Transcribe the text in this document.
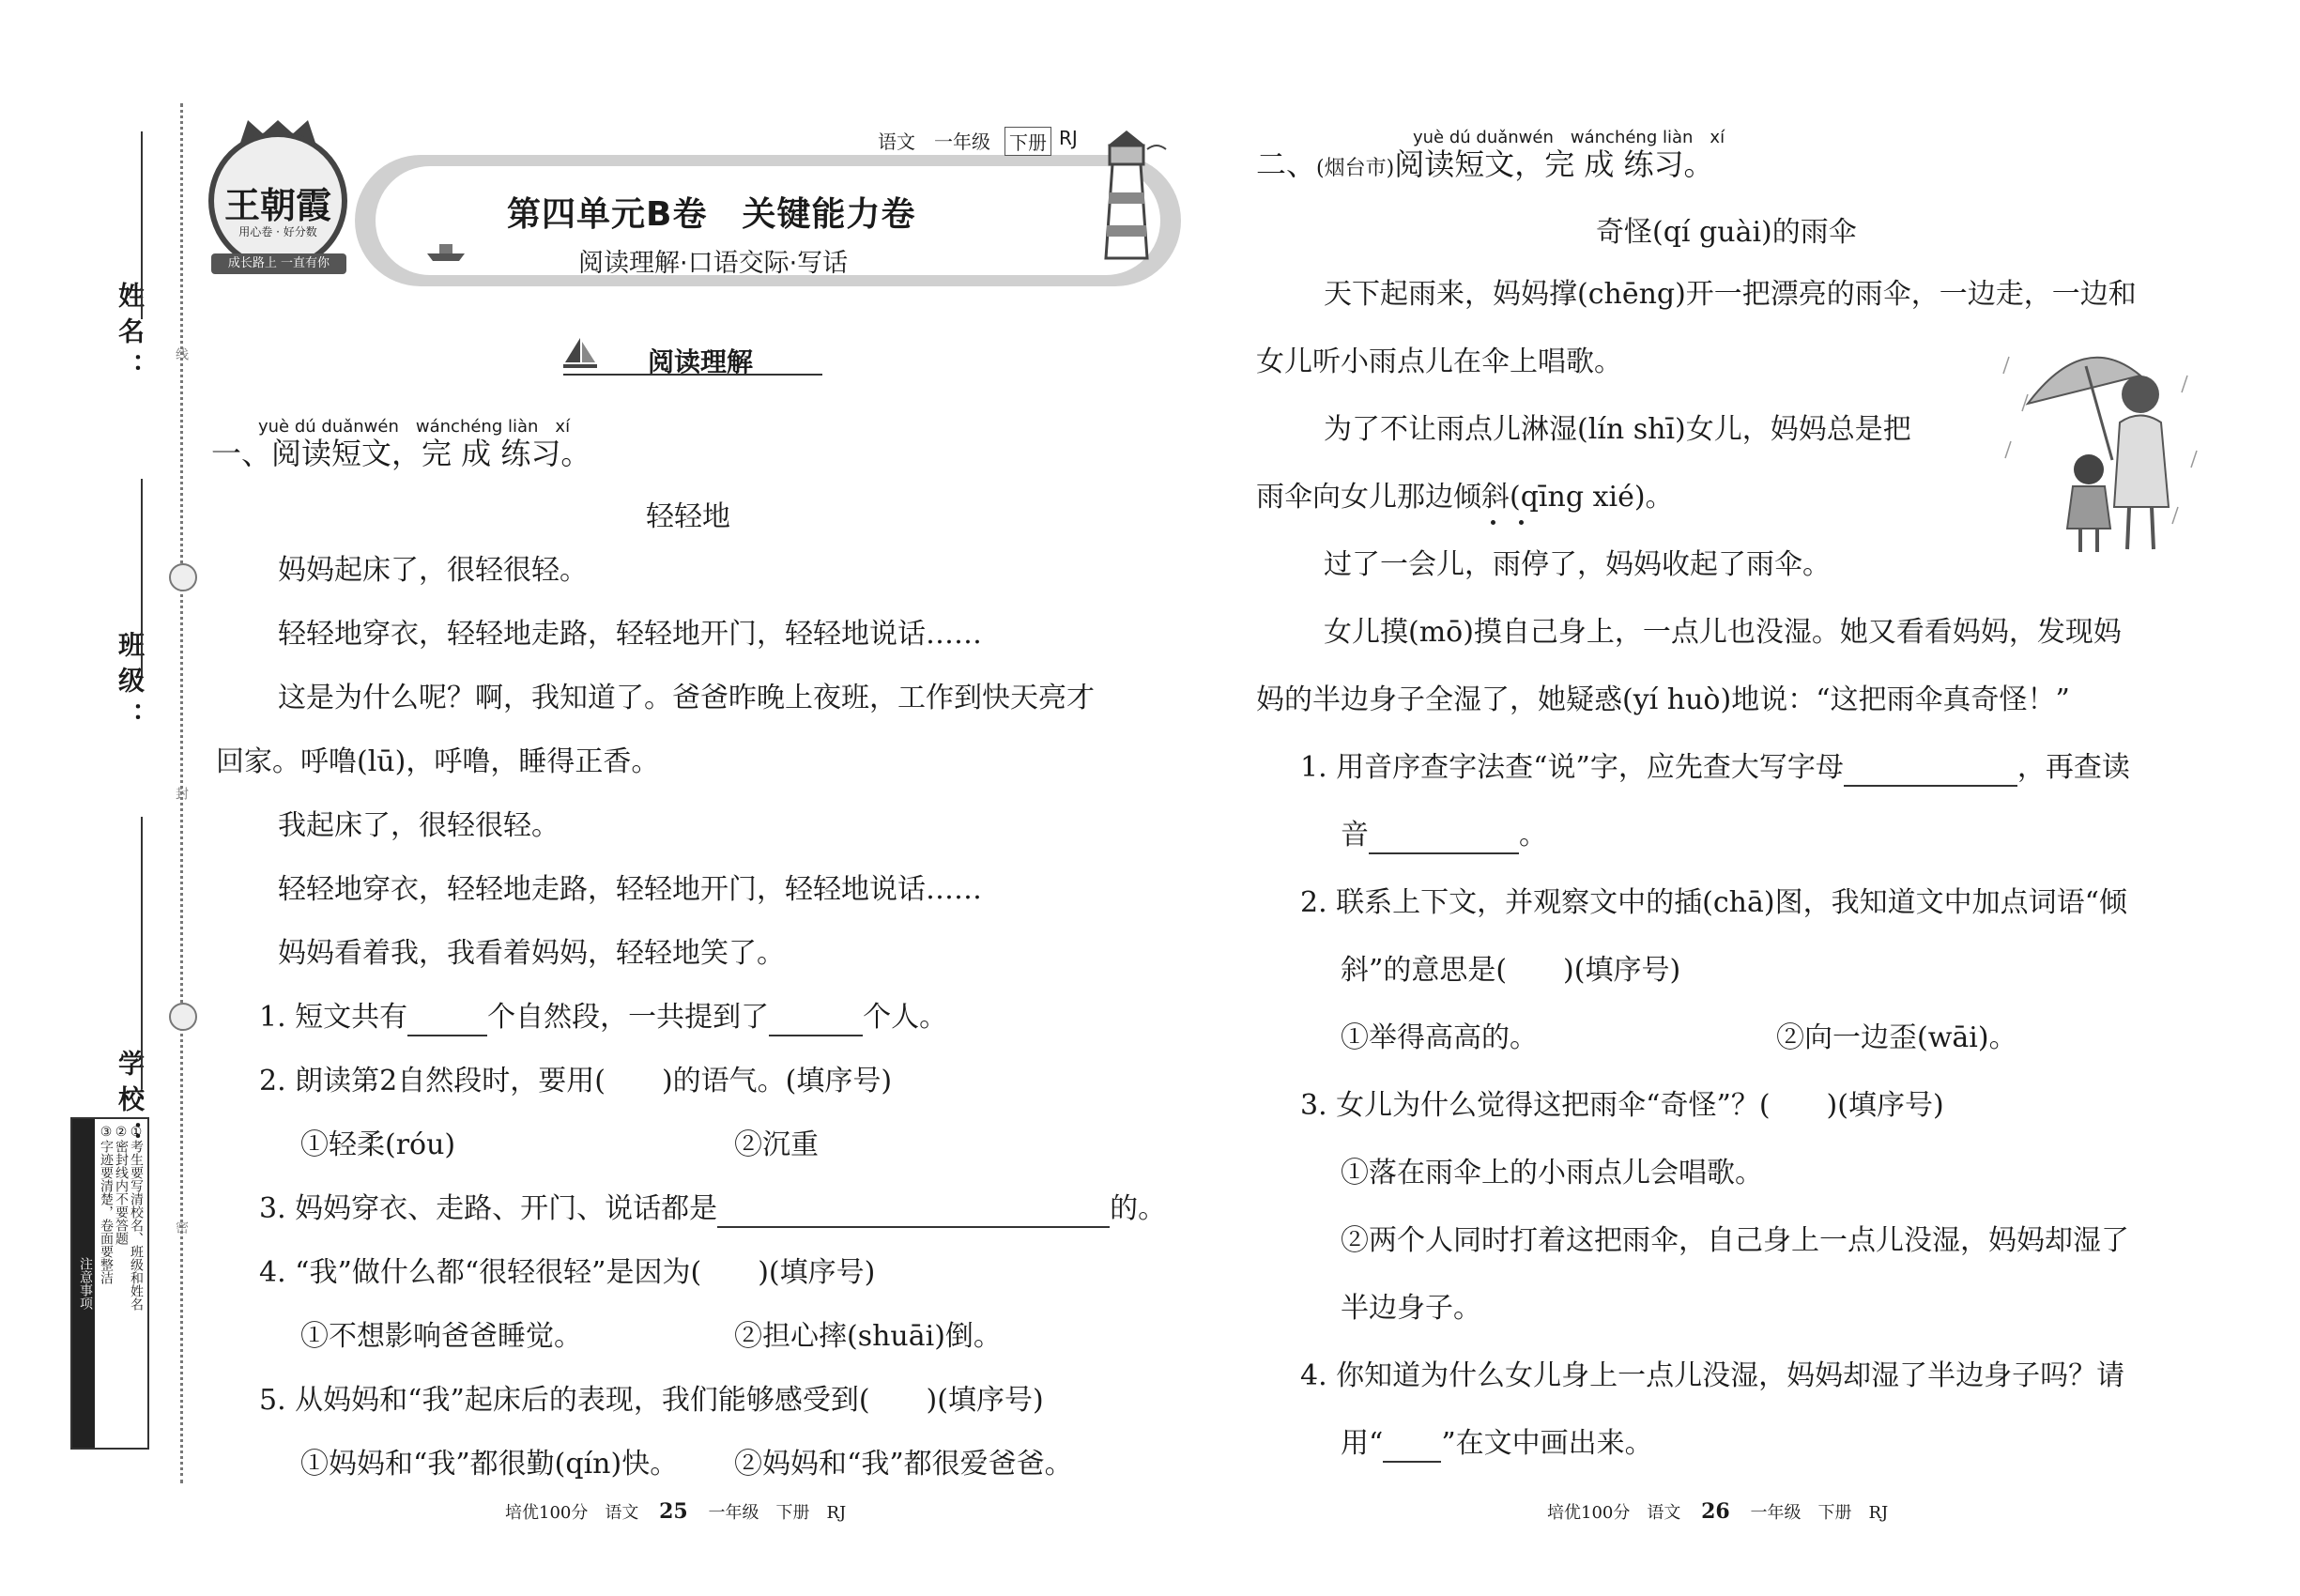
姓名：
班级：
学校：
线
封
密
注意事项	①考生要写清校名、班级和姓名
②密封线内不要答题
③字迹要清楚，卷面要整洁
王朝霞
用心卷 · 好分数
成长路上 一直有你
语文 一年级 下册 RJ
第四单元B卷　关键能力卷
阅读理解·口语交际·写话
阅读理解
yuè dú duǎnwén　wánchéng liàn　xí
一、阅读短文，完 成 练习。
轻轻地
妈妈起床了，很轻很轻。
轻轻地穿衣，轻轻地走路，轻轻地开门，轻轻地说话……
这是为什么呢？啊，我知道了。爸爸昨晚上夜班，工作到快天亮才
回家。呼噜(lū)，呼噜，睡得正香。
我起床了，很轻很轻。
轻轻地穿衣，轻轻地走路，轻轻地开门，轻轻地说话……
妈妈看着我，我看着妈妈，轻轻地笑了。
1. 短文共有	个自然段，一共提到了	个人。
2. 朗读第2自然段时，要用(　　)的语气。(填序号)
①轻柔(róu)	②沉重
3. 妈妈穿衣、走路、开门、说话都是	的。
4. “我”做什么都“很轻很轻”是因为(　　)(填序号)
①不想影响爸爸睡觉。	②担心摔(shuāi)倒。
5. 从妈妈和“我”起床后的表现，我们能够感受到(　　)(填序号)
①妈妈和“我”都很勤(qín)快。 ②妈妈和“我”都很爱爸爸。
yuè dú duǎnwén　wánchéng liàn　xí
二、(烟台市)阅读短文，完 成 练习。
奇怪(qí guài)的雨伞
天下起雨来，妈妈撑(chēng)开一把漂亮的雨伞，一边走，一边和
女儿听小雨点儿在伞上唱歌。
为了不让雨点儿淋湿(lín shī)女儿，妈妈总是把
雨伞向女儿那边倾斜(qīng xié)。
过了一会儿，雨停了，妈妈收起了雨伞。
女儿摸(mō)摸自己身上，一点儿也没湿。她又看看妈妈，发现妈
妈的半边身子全湿了，她疑惑(yí huò)地说：“这把雨伞真奇怪！”
1. 用音序查字法查“说”字，应先查大写字母	，再查读
音	。
2. 联系上下文，并观察文中的插(chā)图，我知道文中加点词语“倾
斜”的意思是(　　)(填序号)
①举得高高的。	②向一边歪(wāi)。
3. 女儿为什么觉得这把雨伞“奇怪”？(　　)(填序号)
①落在雨伞上的小雨点儿会唱歌。
②两个人同时打着这把雨伞，自己身上一点儿没湿，妈妈却湿了
半边身子。
4. 你知道为什么女儿身上一点儿没湿，妈妈却湿了半边身子吗？请
用“ ”在文中画出来。
培优100分　语文 25 一年级　下册　RJ	培优100分　语文 26 一年级　下册　RJ
